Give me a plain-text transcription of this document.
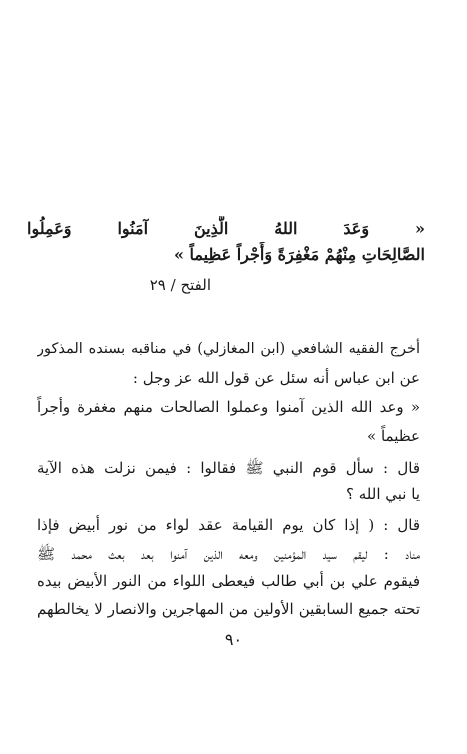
« وَعَدَ اللهُ الَّذِينَ آمَنُوا وَعَمِلُوا
الصَّالِحَاتِ مِنْهُمْ مَغْفِرَةً وَأَجْراً عَظِيماً »
الفتح / ٢٩
أخرج الفقيه الشافعي (ابن المغازلي) في مناقبه بسنده المذكور
عن ابن عباس أنه سئل عن قول الله عز وجل :
« وعد الله الذين آمنوا وعملوا الصالحات منهم مغفرة وأجراً
عظيماً »
قال : سأل قوم النبي ﷺ فقالوا : فيمن نزلت هذه الآية
يا نبي الله ؟
قال : ( إذا كان يوم القيامة عقد لواء من نور أبيض فإذا
مناد : ليقم سيد المؤمنين ومعه الذين آمنوا بعد بعث محمد ﷺ
فيقوم علي بن أبي طالب فيعطى اللواء من النور الأبيض بيده
تحته جميع السابقين الأولين من المهاجرين والانصار لا يخالطهم
٩٠
